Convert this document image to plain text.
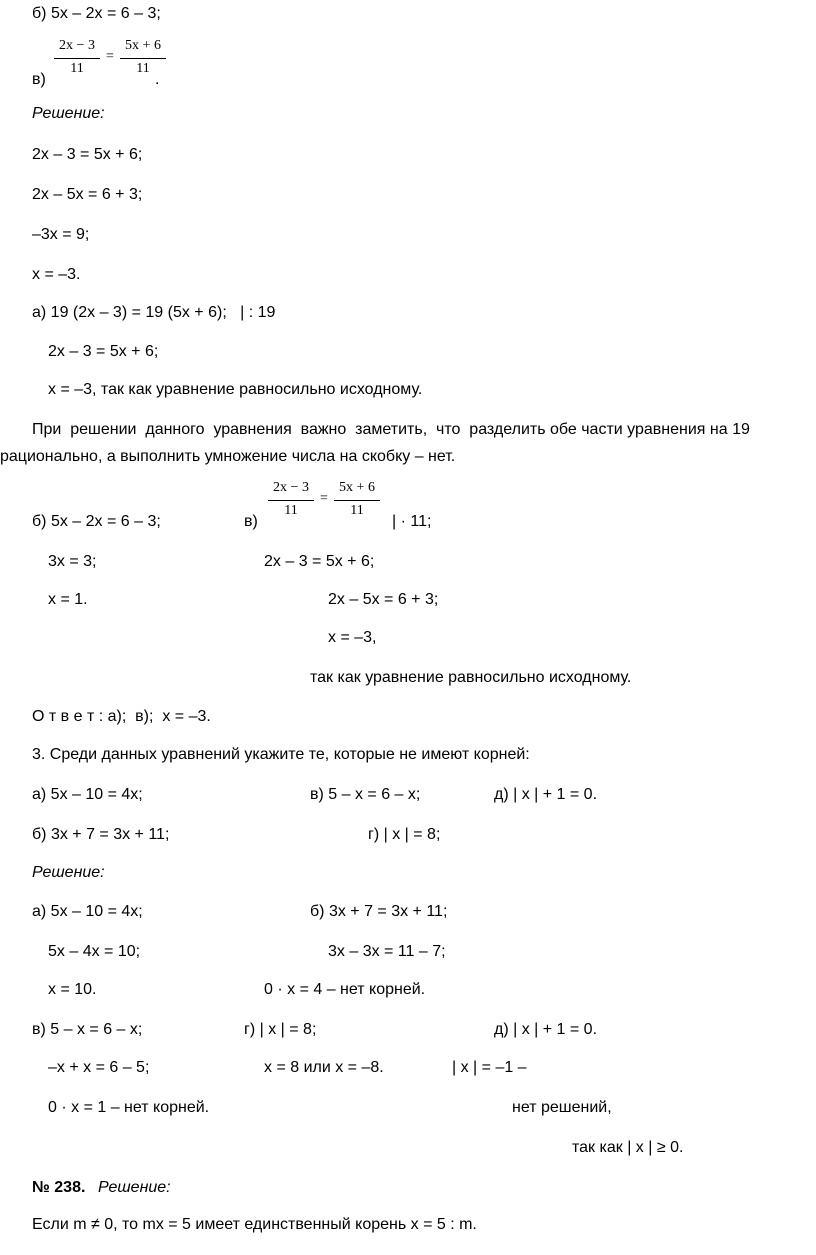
б) 5x – 2x = 6 – 3;
в)
2x − 3
11
=
5x + 6
11
.
Решение:
2x – 3 = 5x + 6;
2x – 5x = 6 + 3;
–3x = 9;
x = –3.
а) 19 (2x – 3) = 19 (5x + 6);   | : 19
2x – 3 = 5x + 6;
x = –3, так как уравнение равносильно исходному.
При  решении  данного  уравнения  важно  заметить,  что  разделить обе части уравнения на 19
рационально, а выполнить умножение числа на скобку – нет.
б) 5x – 2x = 6 – 3;	в)
2x − 3
11
=
5x + 6
11
| · 11;
3x = 3;	2x – 3 = 5x + 6;
x = 1.	2x – 5x = 6 + 3;
x = –3,
так как уравнение равносильно исходному.
О т в е т : а);  в);  x = –3.
3. Среди данных уравнений укажите те, которые не имеют корней:
а) 5x – 10 = 4x;	в) 5 – x = 6 – x;	д) | x | + 1 = 0.
б) 3x + 7 = 3x + 11;	г) | x | = 8;
Решение:
а) 5x – 10 = 4x;	б) 3x + 7 = 3x + 11;
5x – 4x = 10;	3x – 3x = 11 – 7;
x = 10.	0 · x = 4 – нет корней.
в) 5 – x = 6 – x;	г) | x | = 8;	д) | x | + 1 = 0.
–x + x = 6 – 5;	x = 8 или x = –8.	| x | = –1 –
0 · x = 1 – нет корней.	нет решений,
так как | x | ≥ 0.
№ 238. Решение:
Если m ≠ 0, то mx = 5 имеет единственный корень x = 5 : m.
